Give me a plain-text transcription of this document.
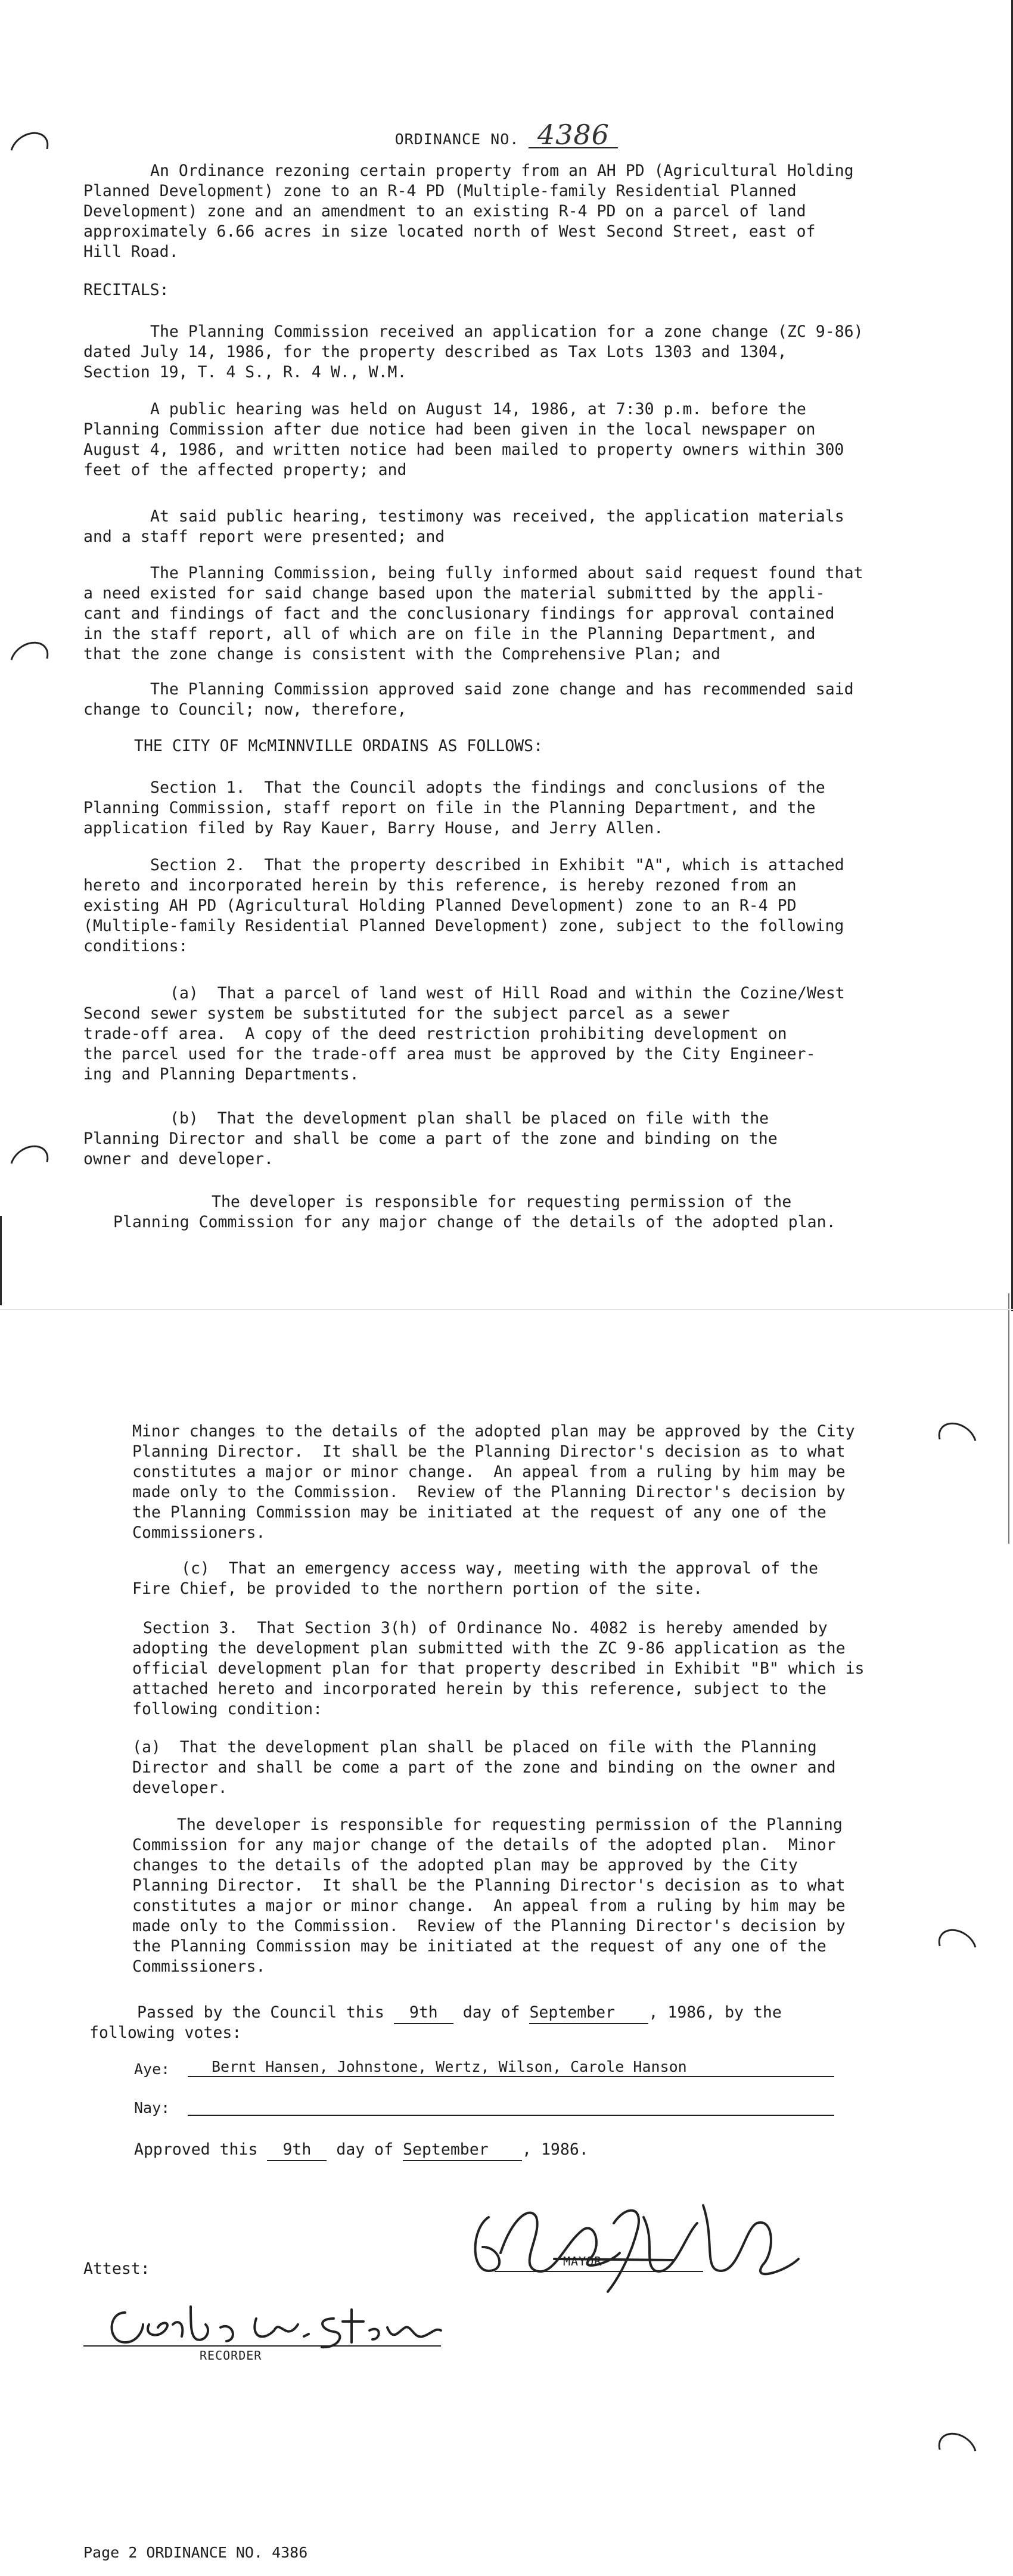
ORDINANCE NO. 4386
An Ordinance rezoning certain property from an AH PD (Agricultural Holding
Planned Development) zone to an R-4 PD (Multiple-family Residential Planned
Development) zone and an amendment to an existing R-4 PD on a parcel of land
approximately 6.66 acres in size located north of West Second Street, east of
Hill Road.
RECITALS:
The Planning Commission received an application for a zone change (ZC 9-86)
dated July 14, 1986, for the property described as Tax Lots 1303 and 1304,
Section 19, T. 4 S., R. 4 W., W.M.
A public hearing was held on August 14, 1986, at 7:30 p.m. before the
Planning Commission after due notice had been given in the local newspaper on
August 4, 1986, and written notice had been mailed to property owners within 300
feet of the affected property; and
At said public hearing, testimony was received, the application materials
and a staff report were presented; and
The Planning Commission, being fully informed about said request found that
a need existed for said change based upon the material submitted by the appli-
cant and findings of fact and the conclusionary findings for approval contained
in the staff report, all of which are on file in the Planning Department, and
that the zone change is consistent with the Comprehensive Plan; and
The Planning Commission approved said zone change and has recommended said
change to Council; now, therefore,
THE CITY OF McMINNVILLE ORDAINS AS FOLLOWS:
Section 1.  That the Council adopts the findings and conclusions of the
Planning Commission, staff report on file in the Planning Department, and the
application filed by Ray Kauer, Barry House, and Jerry Allen.
Section 2.  That the property described in Exhibit "A", which is attached
hereto and incorporated herein by this reference, is hereby rezoned from an
existing AH PD (Agricultural Holding Planned Development) zone to an R-4 PD
(Multiple-family Residential Planned Development) zone, subject to the following
conditions:
(a)  That a parcel of land west of Hill Road and within the Cozine/West
Second sewer system be substituted for the subject parcel as a sewer
trade-off area.  A copy of the deed restriction prohibiting development on
the parcel used for the trade-off area must be approved by the City Engineer-
ing and Planning Departments.
(b)  That the development plan shall be placed on file with the
Planning Director and shall be come a part of the zone and binding on the
owner and developer.
The developer is responsible for requesting permission of the
Planning Commission for any major change of the details of the adopted plan.
Minor changes to the details of the adopted plan may be approved by the City
Planning Director.  It shall be the Planning Director's decision as to what
constitutes a major or minor change.  An appeal from a ruling by him may be
made only to the Commission.  Review of the Planning Director's decision by
the Planning Commission may be initiated at the request of any one of the
Commissioners.
(c)  That an emergency access way, meeting with the approval of the
Fire Chief, be provided to the northern portion of the site.
Section 3.  That Section 3(h) of Ordinance No. 4082 is hereby amended by
adopting the development plan submitted with the ZC 9-86 application as the
official development plan for that property described in Exhibit "B" which is
attached hereto and incorporated herein by this reference, subject to the
following condition:
(a)  That the development plan shall be placed on file with the Planning
Director and shall be come a part of the zone and binding on the owner and
developer.
The developer is responsible for requesting permission of the Planning
Commission for any major change of the details of the adopted plan.  Minor
changes to the details of the adopted plan may be approved by the City
Planning Director.  It shall be the Planning Director's decision as to what
constitutes a major or minor change.  An appeal from a ruling by him may be
made only to the Commission.  Review of the Planning Director's decision by
the Planning Commission may be initiated at the request of any one of the
Commissioners.
Passed by the Council this 9th day of September , 1986, by the
following votes:
Aye:	Bernt Hansen, Johnstone, Wertz, Wilson, Carole Hanson
Nay:
Approved this 9th day of September , 1986.
MAYOR
Attest:
RECORDER
Page 2 ORDINANCE NO. 4386
